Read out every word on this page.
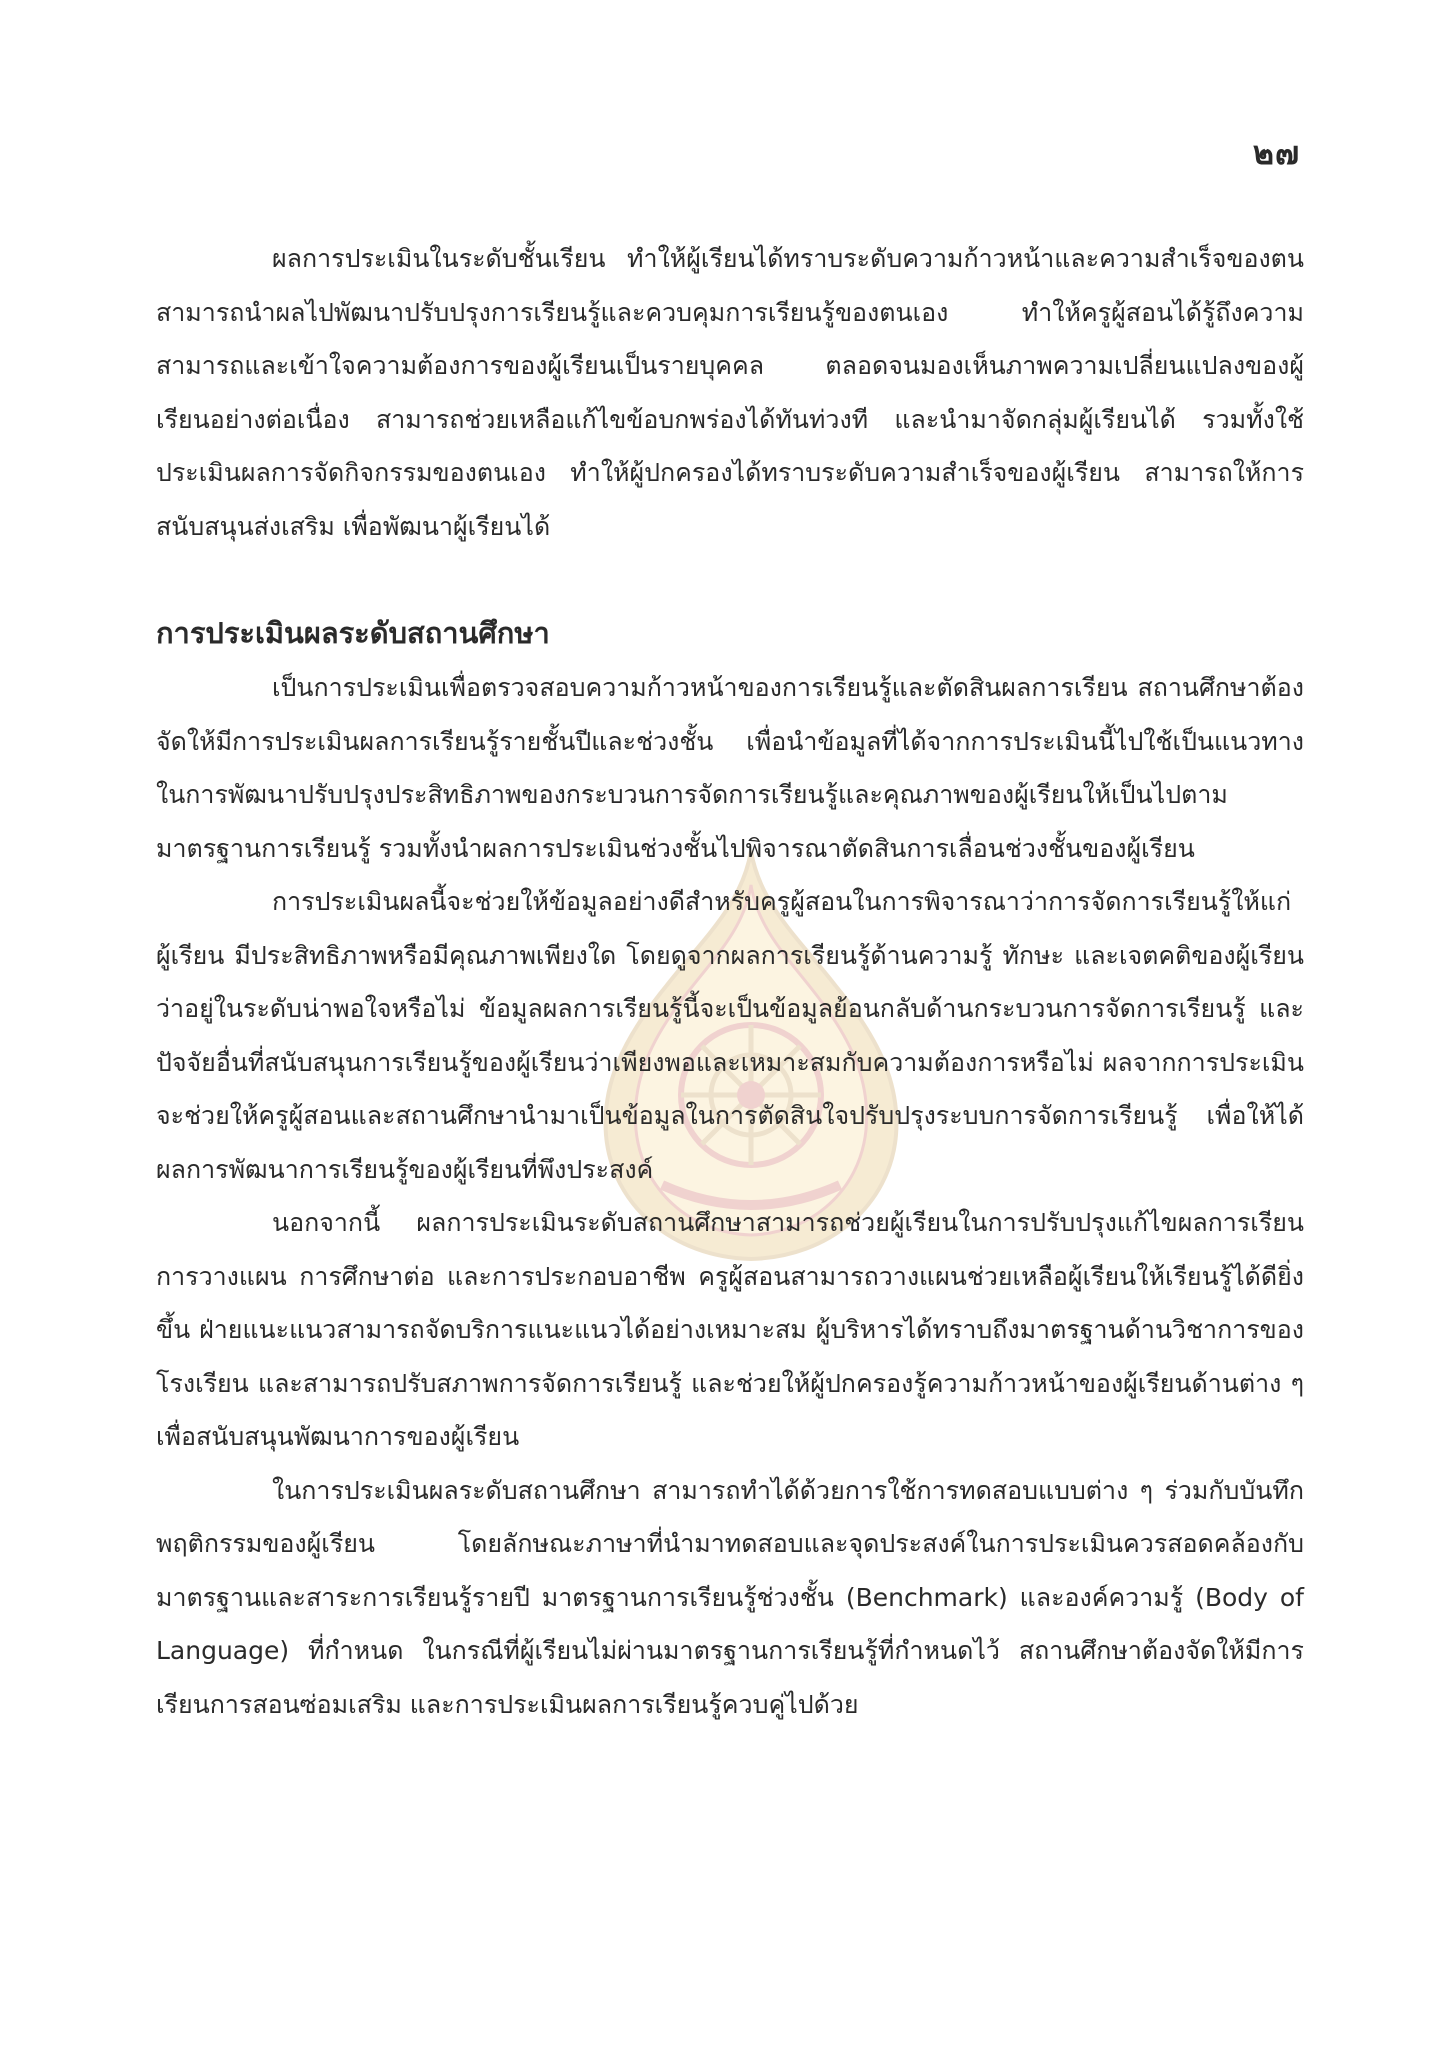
๒๗

ผลการประเมินในระดับชั้นเรียน ทำให้ผู้เรียนได้ทราบระดับความก้าวหน้าและความสำเร็จของตน สามารถนำผลไปพัฒนาปรับปรุงการเรียนรู้และควบคุมการเรียนรู้ของตนเอง ทำให้ครูผู้สอนได้รู้ถึงความสามารถและเข้าใจความต้องการของผู้เรียนเป็นรายบุคคล ตลอดจนมองเห็นภาพความเปลี่ยนแปลงของผู้เรียนอย่างต่อเนื่อง สามารถช่วยเหลือแก้ไขข้อบกพร่องได้ทันท่วงที และนำมาจัดกลุ่มผู้เรียนได้ รวมทั้งใช้ประเมินผลการจัดกิจกรรมของตนเอง ทำให้ผู้ปกครองได้ทราบระดับความสำเร็จของผู้เรียน สามารถให้การสนับสนุนส่งเสริม เพื่อพัฒนาผู้เรียนได้

การประเมินผลระดับสถานศึกษา

เป็นการประเมินเพื่อตรวจสอบความก้าวหน้าของการเรียนรู้และตัดสินผลการเรียน สถานศึกษาต้องจัดให้มีการประเมินผลการเรียนรู้รายชั้นปีและช่วงชั้น เพื่อนำข้อมูลที่ได้จากการประเมินนี้ไปใช้เป็นแนวทางในการพัฒนาปรับปรุงประสิทธิภาพของกระบวนการจัดการเรียนรู้และคุณภาพของผู้เรียนให้เป็นไปตามมาตรฐานการเรียนรู้ รวมทั้งนำผลการประเมินช่วงชั้นไปพิจารณาตัดสินการเลื่อนช่วงชั้นของผู้เรียน

การประเมินผลนี้จะช่วยให้ข้อมูลอย่างดีสำหรับครูผู้สอนในการพิจารณาว่าการจัดการเรียนรู้ให้แก่ผู้เรียน มีประสิทธิภาพหรือมีคุณภาพเพียงใด โดยดูจากผลการเรียนรู้ด้านความรู้ ทักษะ และเจตคติของผู้เรียนว่าอยู่ในระดับน่าพอใจหรือไม่ ข้อมูลผลการเรียนรู้นี้จะเป็นข้อมูลย้อนกลับด้านกระบวนการจัดการเรียนรู้ และปัจจัยอื่นที่สนับสนุนการเรียนรู้ของผู้เรียนว่าเพียงพอและเหมาะสมกับความต้องการหรือไม่ ผลจากการประเมินจะช่วยให้ครูผู้สอนและสถานศึกษานำมาเป็นข้อมูลในการตัดสินใจปรับปรุงระบบการจัดการเรียนรู้ เพื่อให้ได้ผลการพัฒนาการเรียนรู้ของผู้เรียนที่พึงประสงค์

นอกจากนี้ ผลการประเมินระดับสถานศึกษาสามารถช่วยผู้เรียนในการปรับปรุงแก้ไขผลการเรียน การวางแผน การศึกษาต่อ และการประกอบอาชีพ ครูผู้สอนสามารถวางแผนช่วยเหลือผู้เรียนให้เรียนรู้ได้ดียิ่งขึ้น ฝ่ายแนะแนวสามารถจัดบริการแนะแนวได้อย่างเหมาะสม ผู้บริหารได้ทราบถึงมาตรฐานด้านวิชาการของโรงเรียน และสามารถปรับสภาพการจัดการเรียนรู้ และช่วยให้ผู้ปกครองรู้ความก้าวหน้าของผู้เรียนด้านต่าง ๆ เพื่อสนับสนุนพัฒนาการของผู้เรียน

ในการประเมินผลระดับสถานศึกษา สามารถทำได้ด้วยการใช้การทดสอบแบบต่าง ๆ ร่วมกับบันทึกพฤติกรรมของผู้เรียน โดยลักษณะภาษาที่นำมาทดสอบและจุดประสงค์ในการประเมินควรสอดคล้องกับมาตรฐานและสาระการเรียนรู้รายปี มาตรฐานการเรียนรู้ช่วงชั้น (Benchmark) และองค์ความรู้ (Body of Language) ที่กำหนด ในกรณีที่ผู้เรียนไม่ผ่านมาตรฐานการเรียนรู้ที่กำหนดไว้ สถานศึกษาต้องจัดให้มีการเรียนการสอนซ่อมเสริม และการประเมินผลการเรียนรู้ควบคู่ไปด้วย
